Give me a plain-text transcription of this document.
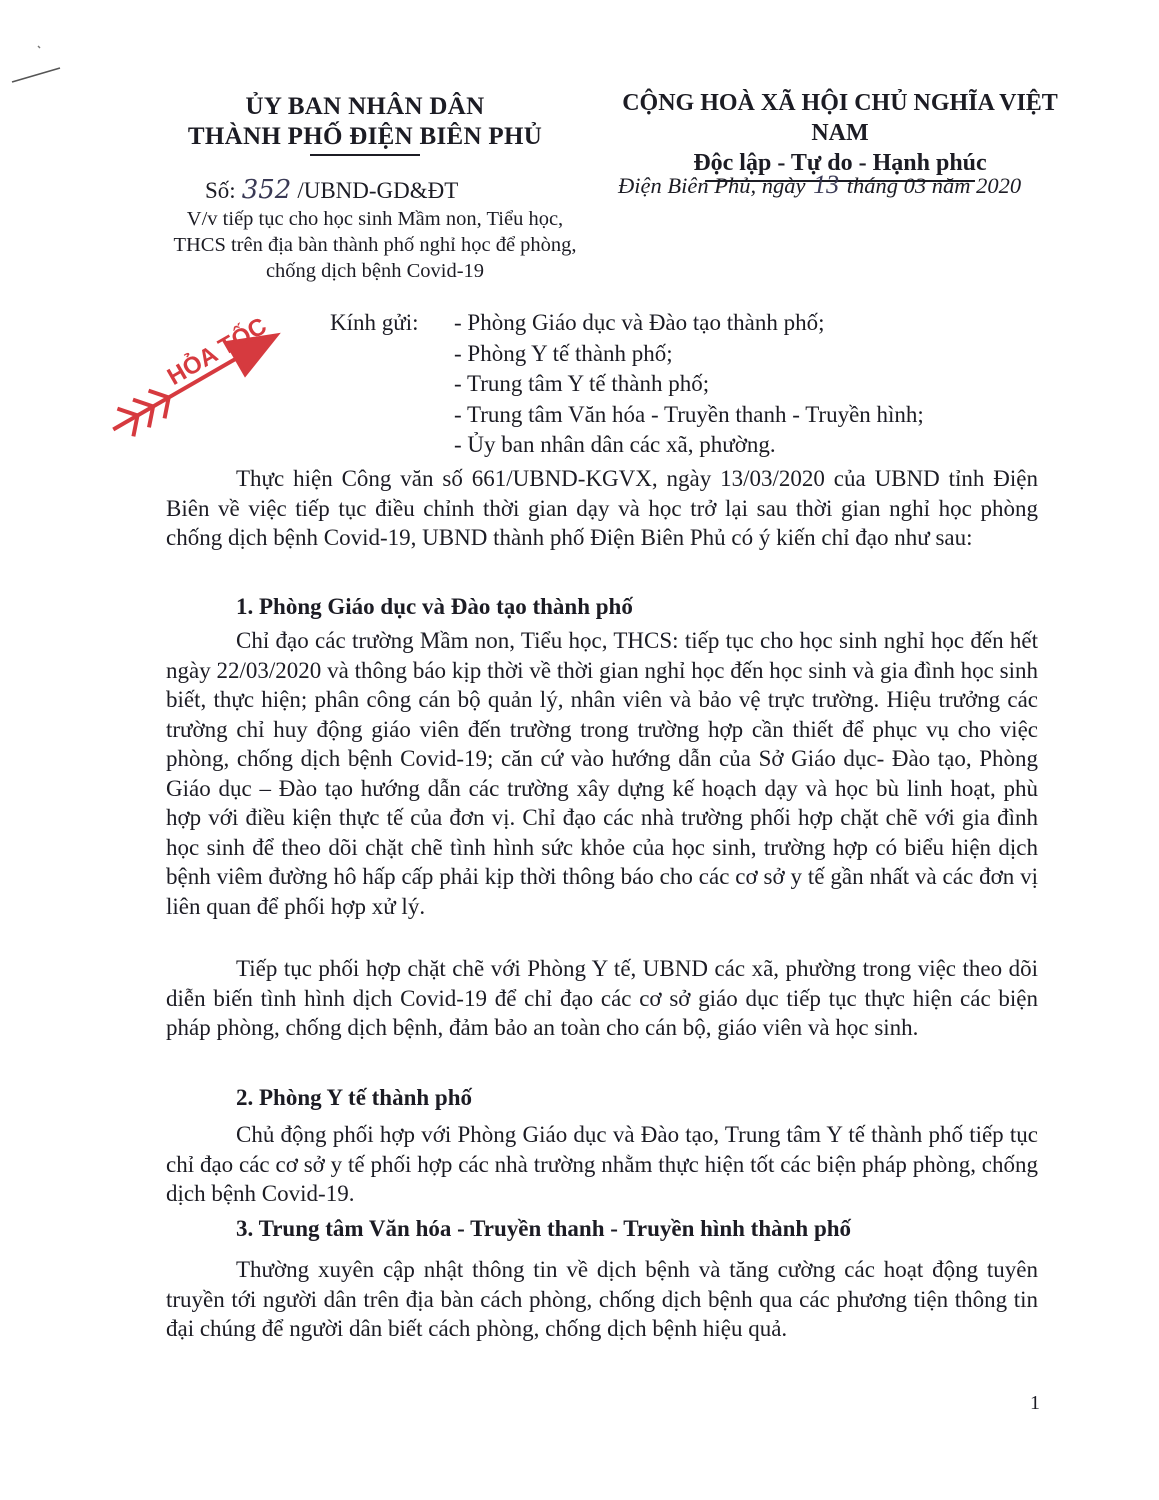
ỦY BAN NHÂN DÂN
THÀNH PHỐ ĐIỆN BIÊN PHỦ
CỘNG HOÀ XÃ HỘI CHỦ NGHĨA VIỆT NAM
Độc lập - Tự do - Hạnh phúc
Số: 352 /UBND-GD&ĐT
V/v tiếp tục cho học sinh Mầm non, Tiểu học,
THCS trên địa bàn thành phố nghỉ học để phòng,
chống dịch bệnh Covid-19
Điện Biên Phủ, ngày 13 tháng 03 năm 2020
HỎA TỐC	Kính gửi:	- Phòng Giáo dục và Đào tạo thành phố;
- Phòng Y tế thành phố;
- Trung tâm Y tế thành phố;
- Trung tâm Văn hóa - Truyền thanh - Truyền hình;
- Ủy ban nhân dân các xã, phường.

Thực hiện Công văn số 661/UBND-KGVX, ngày 13/03/2020 của UBND tỉnh Điện Biên về việc tiếp tục điều chỉnh thời gian dạy và học trở lại sau thời gian nghỉ học phòng chống dịch bệnh Covid-19, UBND thành phố Điện Biên Phủ có ý kiến chỉ đạo như sau:

1. Phòng Giáo dục và Đào tạo thành phố

Chỉ đạo các trường Mầm non, Tiểu học, THCS: tiếp tục cho học sinh nghỉ học đến hết ngày 22/03/2020 và thông báo kịp thời về thời gian nghỉ học đến học sinh và gia đình học sinh biết, thực hiện; phân công cán bộ quản lý, nhân viên và bảo vệ trực trường. Hiệu trưởng các trường chỉ huy động giáo viên đến trường trong trường hợp cần thiết để phục vụ cho việc phòng, chống dịch bệnh Covid-19; căn cứ vào hướng dẫn của Sở Giáo dục- Đào tạo, Phòng Giáo dục – Đào tạo hướng dẫn các trường xây dựng kế hoạch dạy và học bù linh hoạt, phù hợp với điều kiện thực tế của đơn vị. Chỉ đạo các nhà trường phối hợp chặt chẽ với gia đình học sinh để theo dõi chặt chẽ tình hình sức khỏe của học sinh, trường hợp có biểu hiện dịch bệnh viêm đường hô hấp cấp phải kịp thời thông báo cho các cơ sở y tế gần nhất và các đơn vị liên quan để phối hợp xử lý.

Tiếp tục phối hợp chặt chẽ với Phòng Y tế, UBND các xã, phường trong việc theo dõi diễn biến tình hình dịch Covid-19 để chỉ đạo các cơ sở giáo dục tiếp tục thực hiện các biện pháp phòng, chống dịch bệnh, đảm bảo an toàn cho cán bộ, giáo viên và học sinh.

2. Phòng Y tế thành phố

Chủ động phối hợp với Phòng Giáo dục và Đào tạo, Trung tâm Y tế thành phố tiếp tục chỉ đạo các cơ sở y tế phối hợp các nhà trường nhằm thực hiện tốt các biện pháp phòng, chống dịch bệnh Covid-19.

3. Trung tâm Văn hóa - Truyền thanh - Truyền hình thành phố

Thường xuyên cập nhật thông tin về dịch bệnh và tăng cường các hoạt động tuyên truyền tới người dân trên địa bàn cách phòng, chống dịch bệnh qua các phương tiện thông tin đại chúng để người dân biết cách phòng, chống dịch bệnh hiệu quả.

1
